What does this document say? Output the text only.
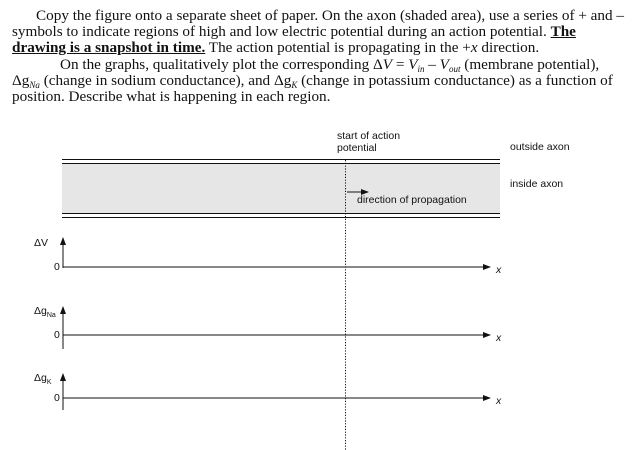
Copy the figure onto a separate sheet of paper. On the axon (shaded area), use a series of + and – symbols to indicate regions of high and low electric potential during an action potential. The drawing is a snapshot in time. The action potential is propagating in the +x direction.

On the graphs, qualitatively plot the corresponding $\Delta V = V_{in} - V_{out}$ (membrane potential), $\Delta g_{Na}$ (change in sodium conductance), and $\Delta g_K$ (change in potassium conductance) as a function of position. Describe what is happening in each region.

start of action
potential	outside axon
inside axon
direction of propagation
ΔV
0	x
$\Delta g_{Na}$
0	x
$\Delta g_K$
0	x
